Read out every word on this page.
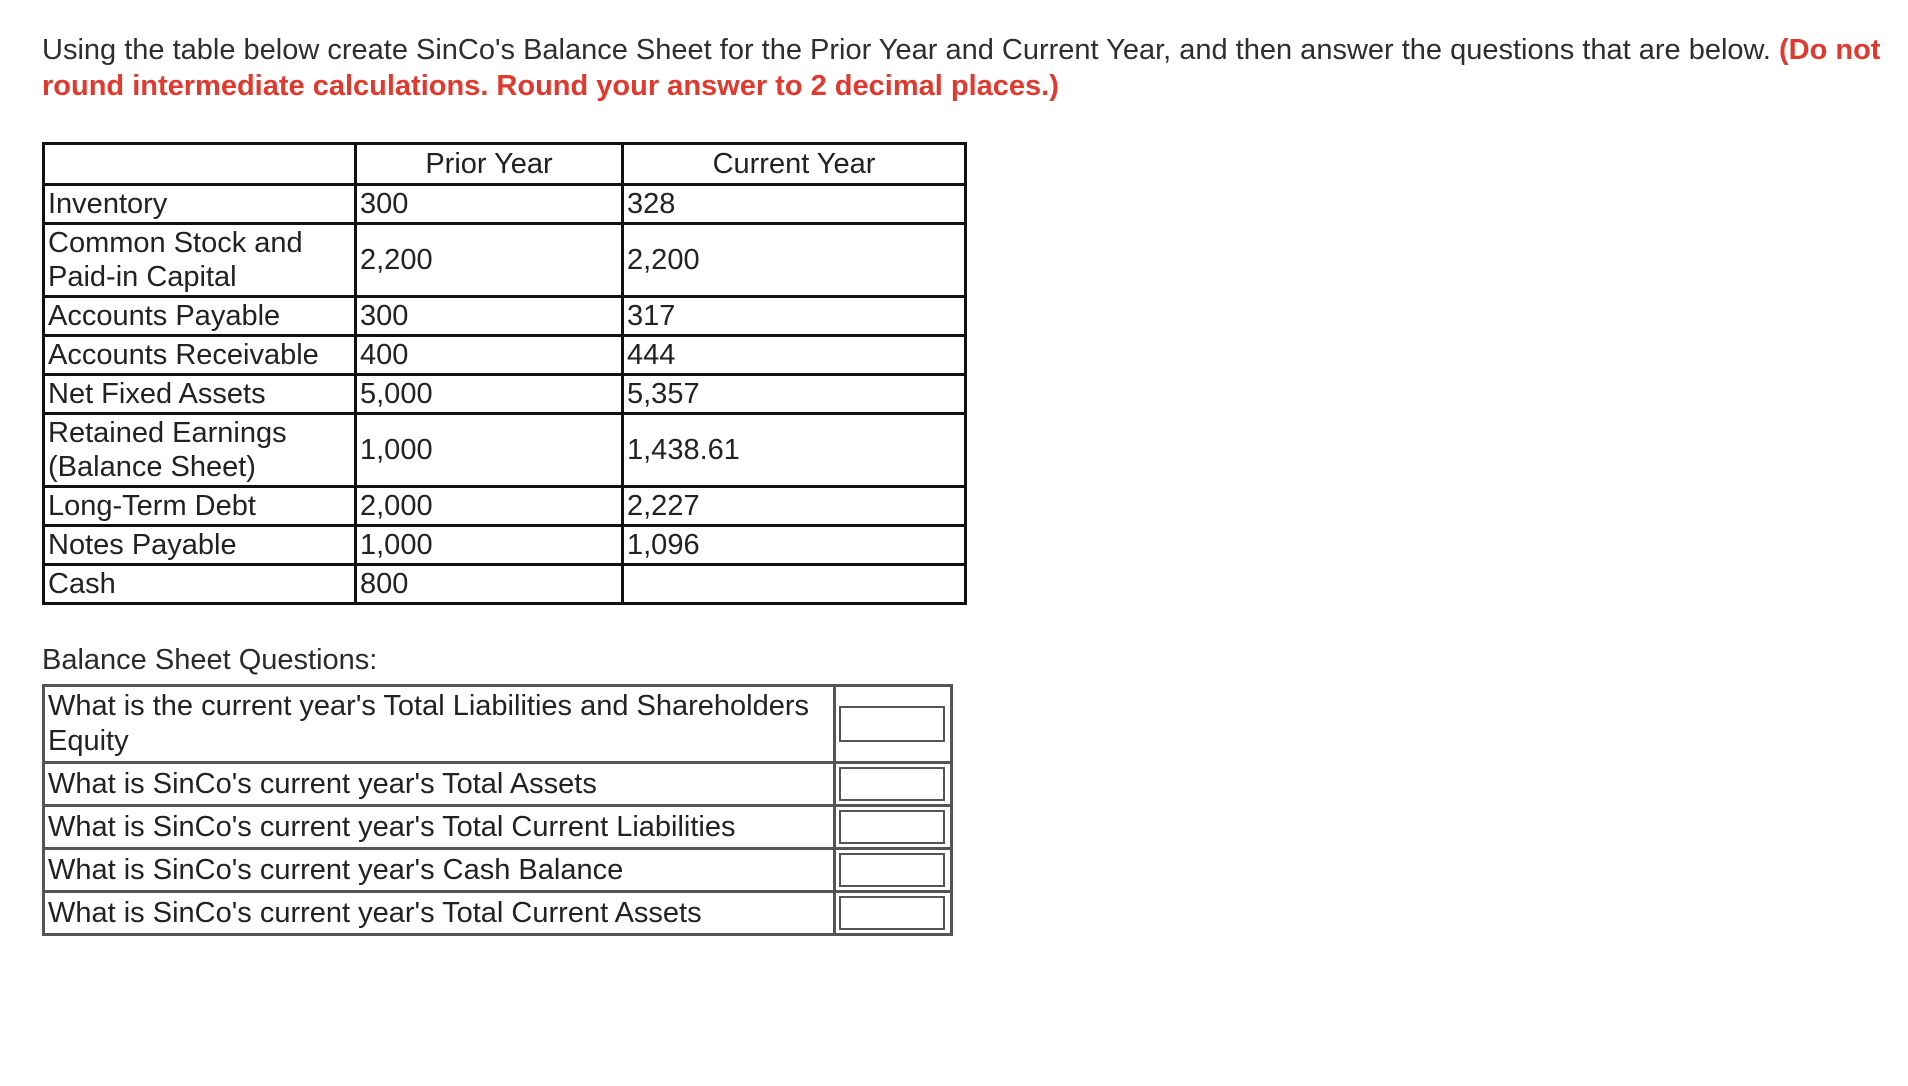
Using the table below create SinCo's Balance Sheet for the Prior Year and Current Year, and then answer the questions that are below. (Do not round intermediate calculations. Round your answer to 2 decimal places.)
	Prior Year	Current Year
Inventory	300	328
Common Stock and Paid-in Capital	2,200	2,200
Accounts Payable	300	317
Accounts Receivable	400	444
Net Fixed Assets	5,000	5,357
Retained Earnings (Balance Sheet)	1,000	1,438.61
Long-Term Debt	2,000	2,227
Notes Payable	1,000	1,096
Cash	800	
Balance Sheet Questions:
What is the current year's Total Liabilities and Shareholders Equity	

What is SinCo's current year's Total Assets	

What is SinCo's current year's Total Current Liabilities	

What is SinCo's current year's Cash Balance	

What is SinCo's current year's Total Current Assets	
